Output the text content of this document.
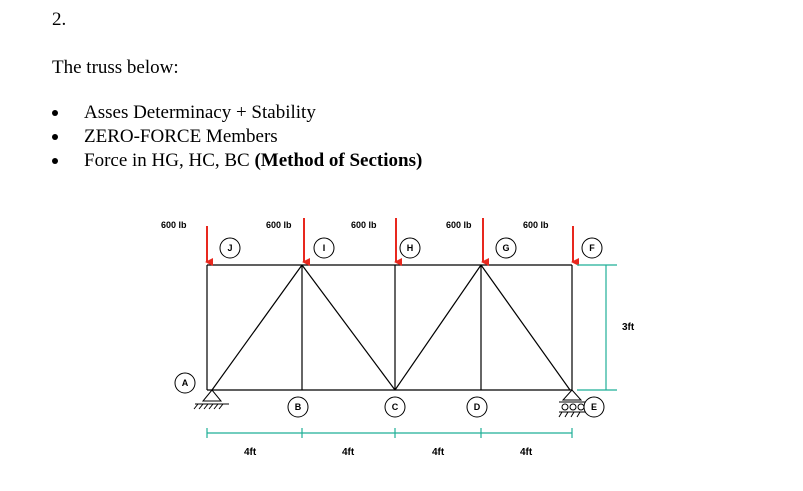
2.
The truss below:
Asses Determinacy + Stability
ZERO-FORCE Members
Force in HG, HC, BC (Method of Sections)
600 lb	600 lb	600 lb	600 lb	600 lb
J	I	H	G	F
A
B	C	D	E
4ft	4ft	4ft	4ft
3ft
